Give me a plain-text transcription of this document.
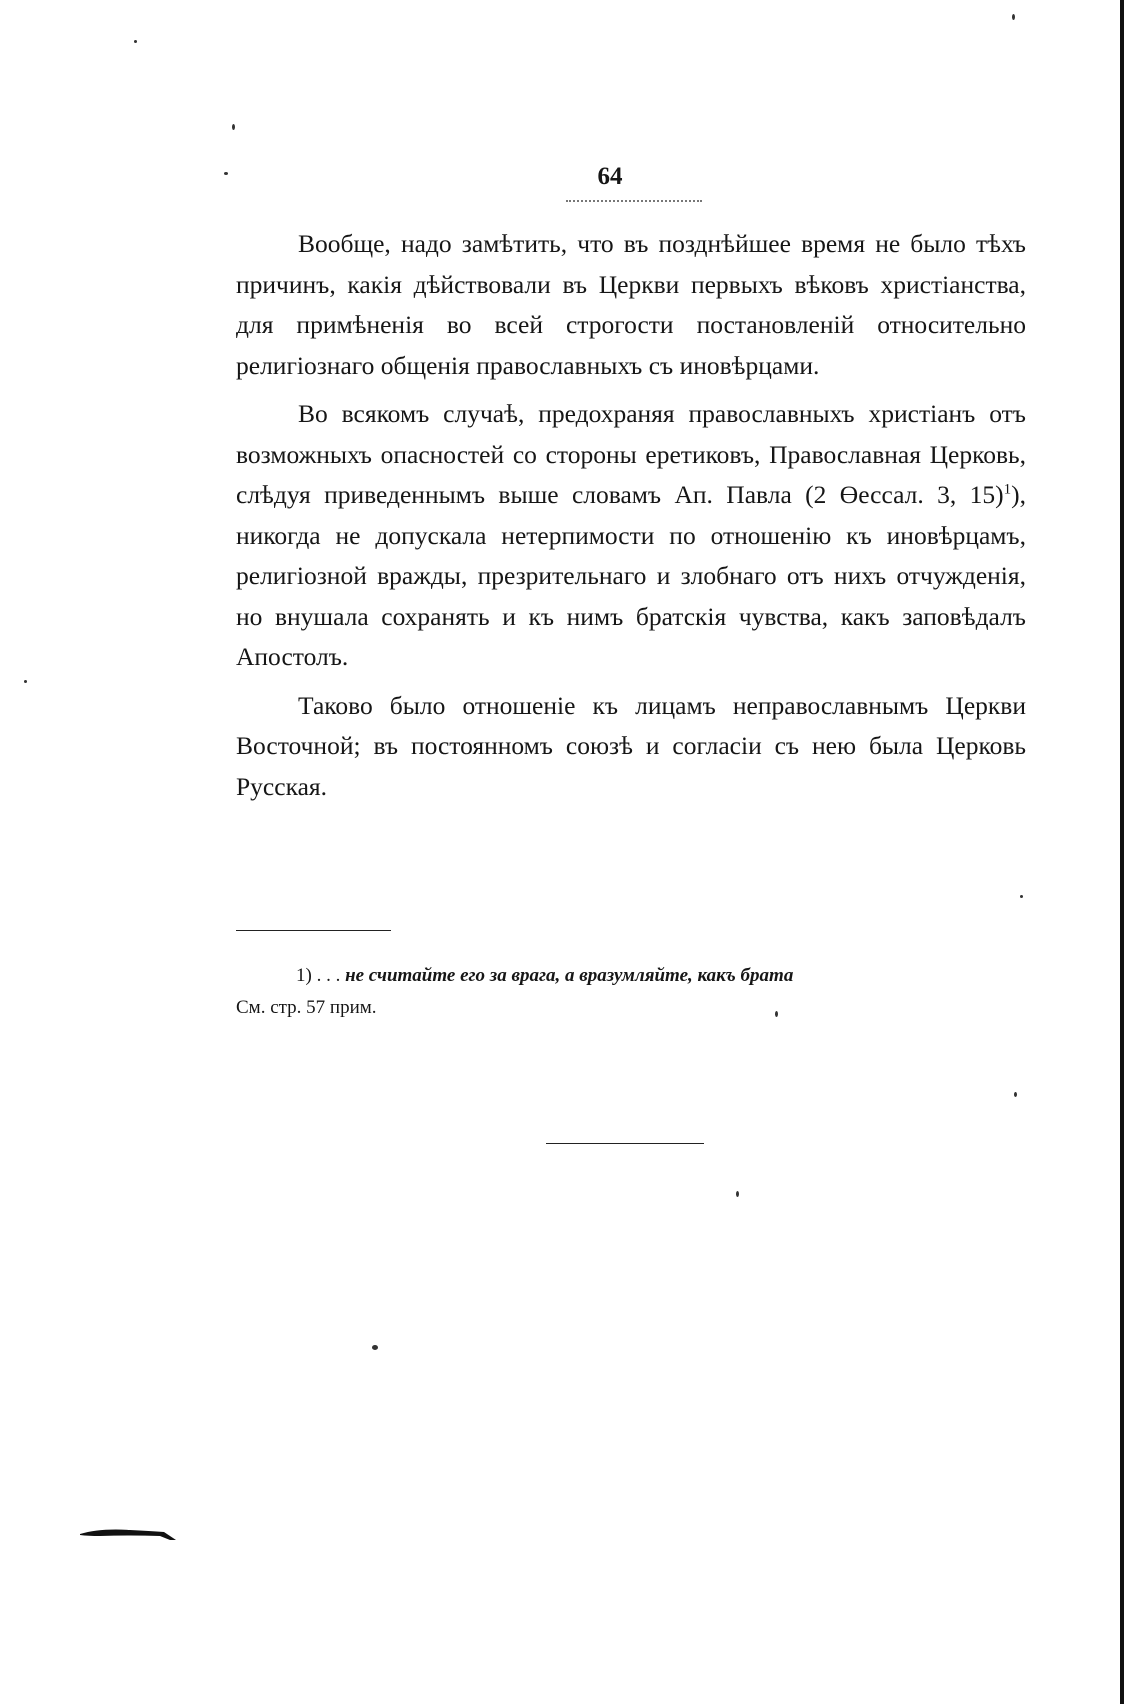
64

Вообще, надо замѣтить, что въ позднѣйшее время не было тѣхъ причинъ, какія дѣйствовали въ Церкви первыхъ вѣковъ христіанства, для примѣненія во всей строгости постановленій относительно религіознаго общенія православныхъ съ иновѣрцами.

Во всякомъ случаѣ, предохраняя православныхъ христіанъ отъ возможныхъ опасностей со стороны еретиковъ, Православная Церковь, слѣдуя приведеннымъ выше словамъ Ап. Павла (2 Өессал. 3, 15)$^1$), никогда не допускала нетерпимости по отношенію къ иновѣрцамъ, религіозной вражды, презрительнаго и злобнаго отъ нихъ отчужденія, но внушала сохранять и къ нимъ братскія чувства, какъ заповѣдалъ Апостолъ.

Таково было отношеніе къ лицамъ неправославнымъ Церкви Восточной; въ постоянномъ союзѣ и согласіи съ нею была Церковь Русская.

1) . . . не считайте его за врага, а вразумляйте, какъ брата
См. стр. 57 прим.
